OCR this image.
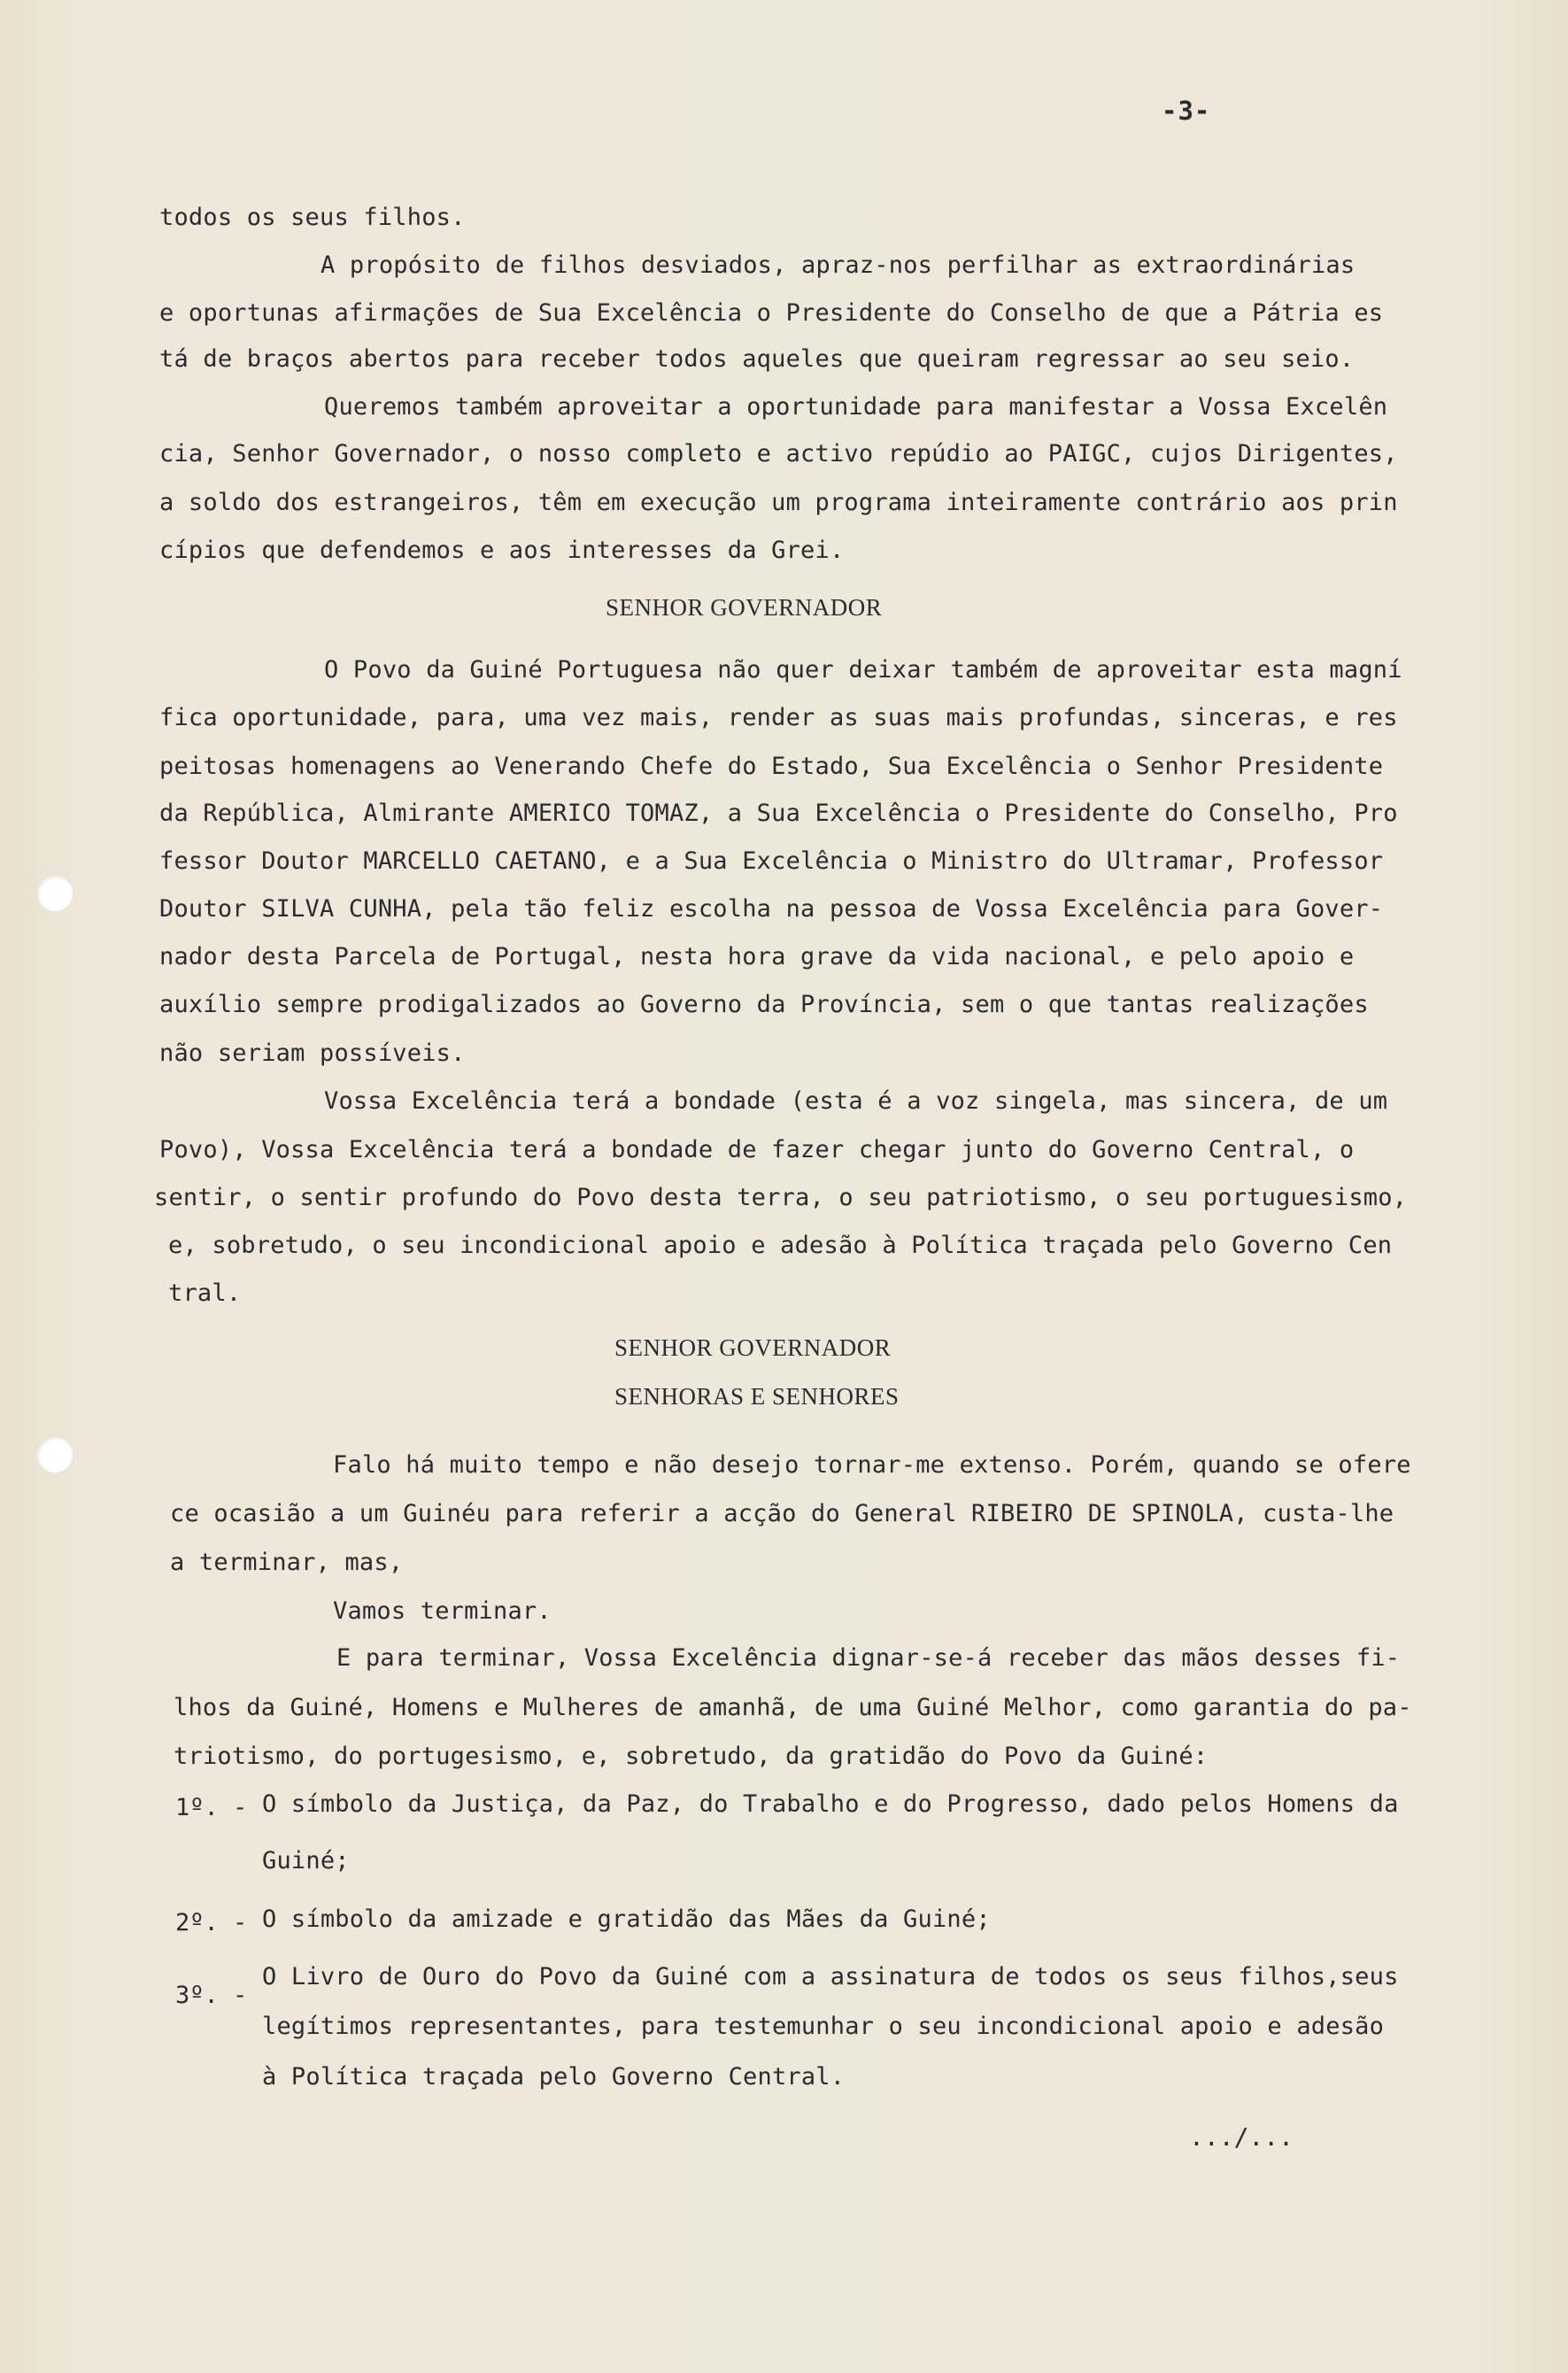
-3-
todos os seus filhos.
A propósito de filhos desviados, apraz-nos perfilhar as extraordinárias
e oportunas afirmações de Sua Excelência o Presidente do Conselho de que a Pátria es
tá de braços abertos para receber todos aqueles que queiram regressar ao seu seio.
Queremos também aproveitar a oportunidade para manifestar a Vossa Excelên
cia, Senhor Governador, o nosso completo e activo repúdio ao PAIGC, cujos Dirigentes,
a soldo dos estrangeiros, têm em execução um programa inteiramente contrário aos prin
cípios que defendemos e aos interesses da Grei.
SENHOR GOVERNADOR
O Povo da Guiné Portuguesa não quer deixar também de aproveitar esta magní
fica oportunidade, para, uma vez mais, render as suas mais profundas, sinceras, e res
peitosas homenagens ao Venerando Chefe do Estado, Sua Excelência o Senhor Presidente
da República, Almirante AMERICO TOMAZ, a Sua Excelência o Presidente do Conselho, Pro
fessor Doutor MARCELLO CAETANO, e a Sua Excelência o Ministro do Ultramar, Professor
Doutor SILVA CUNHA, pela tão feliz escolha na pessoa de Vossa Excelência para Gover-
nador desta Parcela de Portugal, nesta hora grave da vida nacional, e pelo apoio e
auxílio sempre prodigalizados ao Governo da Província, sem o que tantas realizações
não seriam possíveis.
Vossa Excelência terá a bondade (esta é a voz singela, mas sincera, de um
Povo), Vossa Excelência terá a bondade de fazer chegar junto do Governo Central, o
sentir, o sentir profundo do Povo desta terra, o seu patriotismo, o seu portuguesismo,
e, sobretudo, o seu incondicional apoio e adesão à Política traçada pelo Governo Cen
tral.
SENHOR GOVERNADOR
SENHORAS E SENHORES
Falo há muito tempo e não desejo tornar-me extenso. Porém, quando se ofere
ce ocasião a um Guinéu para referir a acção do General RIBEIRO DE SPINOLA, custa-lhe
a terminar, mas,
Vamos terminar.
E para terminar, Vossa Excelência dignar-se-á receber das mãos desses fi-
lhos da Guiné, Homens e Mulheres de amanhã, de uma Guiné Melhor, como garantia do pa-
triotismo, do portugesismo, e, sobretudo, da gratidão do Povo da Guiné:
1º. - O símbolo da Justiça, da Paz, do Trabalho e do Progresso, dado pelos Homens da
Guiné;
2º. - O símbolo da amizade e gratidão das Mães da Guiné;
3º. -
O Livro de Ouro do Povo da Guiné com a assinatura de todos os seus filhos,seus
legítimos representantes, para testemunhar o seu incondicional apoio e adesão
à Política traçada pelo Governo Central.
.../...
